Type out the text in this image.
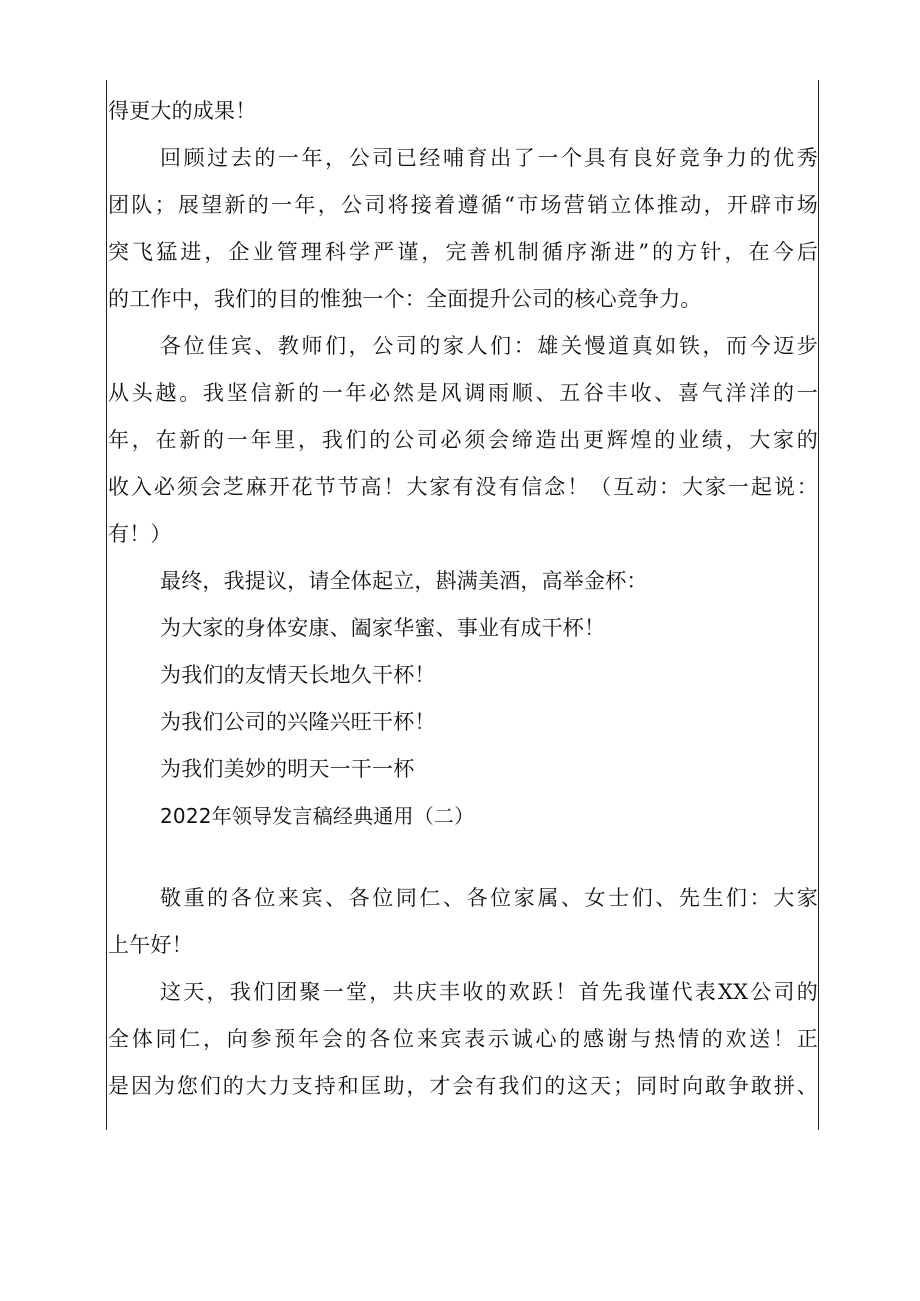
得更大的成果！
回顾过去的一年，公司已经哺育出了一个具有良好竞争力的优秀
团队；展望新的一年，公司将接着遵循“市场营销立体推动，开辟市场
突飞猛进，企业管理科学严谨，完善机制循序渐进”的方针，在今后
的工作中，我们的目的惟独一个：全面提升公司的核心竞争力。
各位佳宾、教师们，公司的家人们：雄关慢道真如铁，而今迈步
从头越。我坚信新的一年必然是风调雨顺、五谷丰收、喜气洋洋的一
年，在新的一年里，我们的公司必须会缔造出更辉煌的业绩，大家的
收入必须会芝麻开花节节高！大家有没有信念！（互动：大家一起说：
有！）
最终，我提议，请全体起立，斟满美酒，高举金杯：
为大家的身体安康、阖家华蜜、事业有成干杯！
为我们的友情天长地久干杯！
为我们公司的兴隆兴旺干杯！
为我们美妙的明天一干一杯
2022年领导发言稿经典通用（二）
敬重的各位来宾、各位同仁、各位家属、女士们、先生们：大家
上午好！
这天，我们团聚一堂，共庆丰收的欢跃！首先我谨代表XX公司的
全体同仁，向参预年会的各位来宾表示诚心的感谢与热情的欢送！正
是因为您们的大力支持和匡助，才会有我们的这天；同时向敢争敢拼、
